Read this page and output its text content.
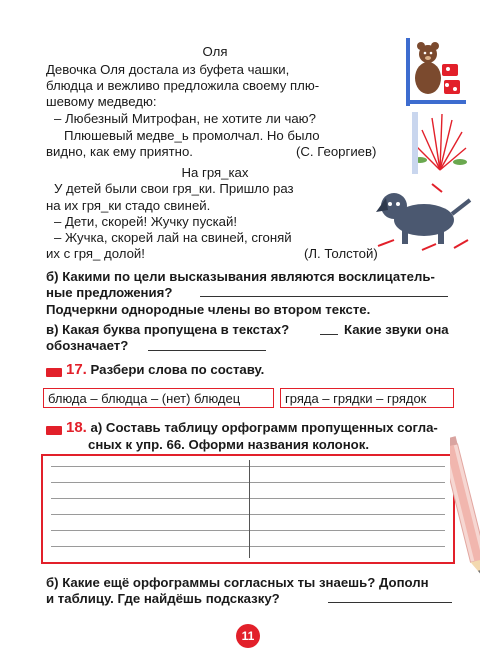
Оля
Девочка Оля достала из буфета чашки,
блюдца и вежливо предложила своему плю-
шевому медведю:
– Любезный Митрофан, не хотите ли чаю?
Плюшевый медве_ь промолчал. Но было
видно, как ему приятно.	(С. Георгиев)
На гря_ках
У детей были свои гря_ки. Пришло раз
на их гря_ки стадо свиней.
– Дети, скорей! Жучку пускай!
– Жучка, скорей лай на свиней, сгоняй
их с гря_ долой!	(Л. Толстой)
б) Какими по цели высказывания являются восклицатель-
ные предложения?
Подчеркни однородные члены во втором тексте.
в) Какая буква пропущена в текстах?	Какие звуки она
обозначает?
17. Разбери слова по составу.
блюда – блюдца – (нет) блюдец	гряда – грядки – грядок
18. а) Составь таблицу орфограмм пропущенных согла-
сных к упр. 66. Оформи названия колонок.
б) Какие ещё орфограммы согласных ты знаешь? Дополн
и таблицу. Где найдёшь подсказку?
11
